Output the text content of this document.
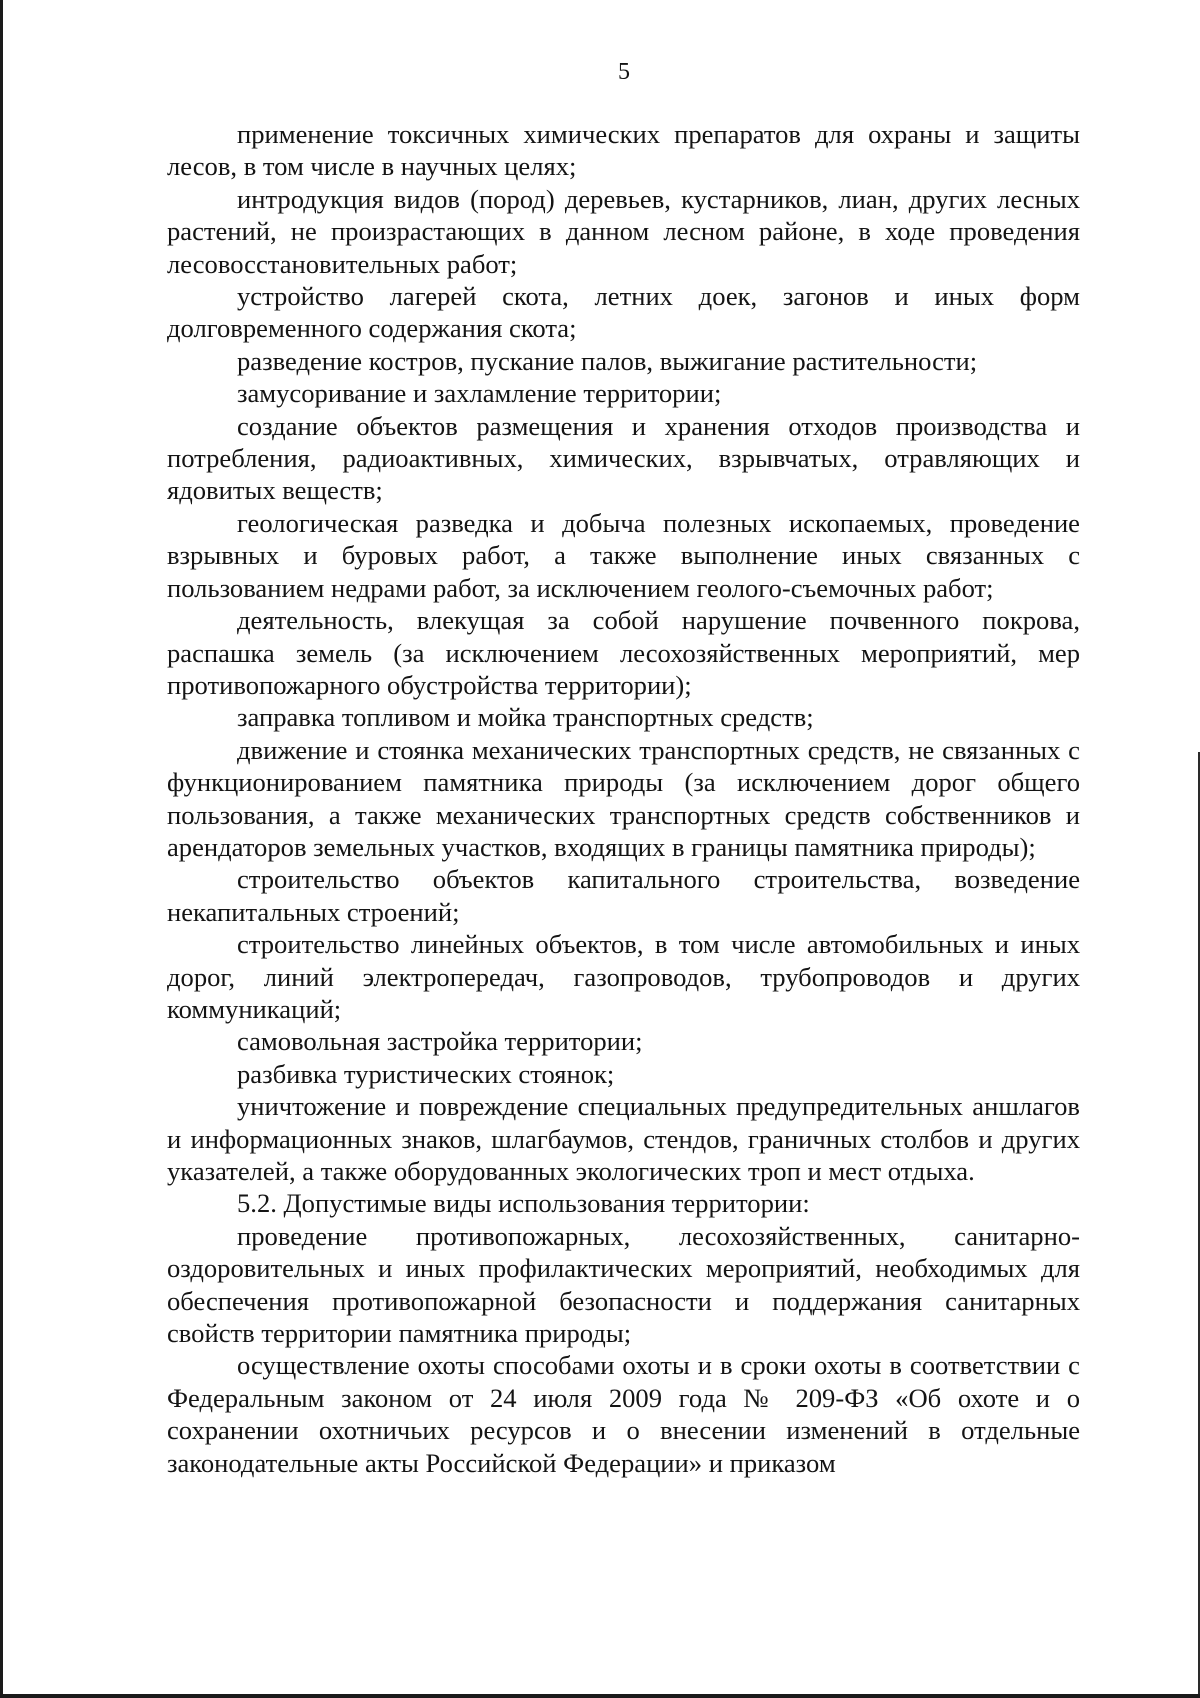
5

применение токсичных химических препаратов для охраны и защиты лесов, в том числе в научных целях;

интродукция видов (пород) деревьев, кустарников, лиан, других лесных растений, не произрастающих в данном лесном районе, в ходе проведения лесовосстановительных работ;

устройство лагерей скота, летних доек, загонов и иных форм долговременного содержания скота;

разведение костров, пускание палов, выжигание растительности;

замусоривание и захламление территории;

создание объектов размещения и хранения отходов производства и потребления, радиоактивных, химических, взрывчатых, отравляющих и ядовитых веществ;

геологическая разведка и добыча полезных ископаемых, проведение взрывных и буровых работ, а также выполнение иных связанных с пользованием недрами работ, за исключением геолого-съемочных работ;

деятельность, влекущая за собой нарушение почвенного покрова, распашка земель (за исключением лесохозяйственных мероприятий, мер противопожарного обустройства территории);

заправка топливом и мойка транспортных средств;

движение и стоянка механических транспортных средств, не связанных с функционированием памятника природы (за исключением дорог общего пользования, а также механических транспортных средств собственников и арендаторов земельных участков, входящих в границы памятника природы);

строительство объектов капитального строительства, возведение некапитальных строений;

строительство линейных объектов, в том числе автомобильных и иных дорог, линий электропередач, газопроводов, трубопроводов и других коммуникаций;

самовольная застройка территории;

разбивка туристических стоянок;

уничтожение и повреждение специальных предупредительных аншлагов и информационных знаков, шлагбаумов, стендов, граничных столбов и других указателей, а также оборудованных экологических троп и мест отдыха.

5.2. Допустимые виды использования территории:

проведение противопожарных, лесохозяйственных, санитарно-оздоровительных и иных профилактических мероприятий, необходимых для обеспечения противопожарной безопасности и поддержания санитарных свойств территории памятника природы;

осуществление охоты способами охоты и в сроки охоты в соответствии с Федеральным законом от 24 июля 2009 года № 209-ФЗ «Об охоте и о сохранении охотничьих ресурсов и о внесении изменений в отдельные законодательные акты Российской Федерации» и приказом
